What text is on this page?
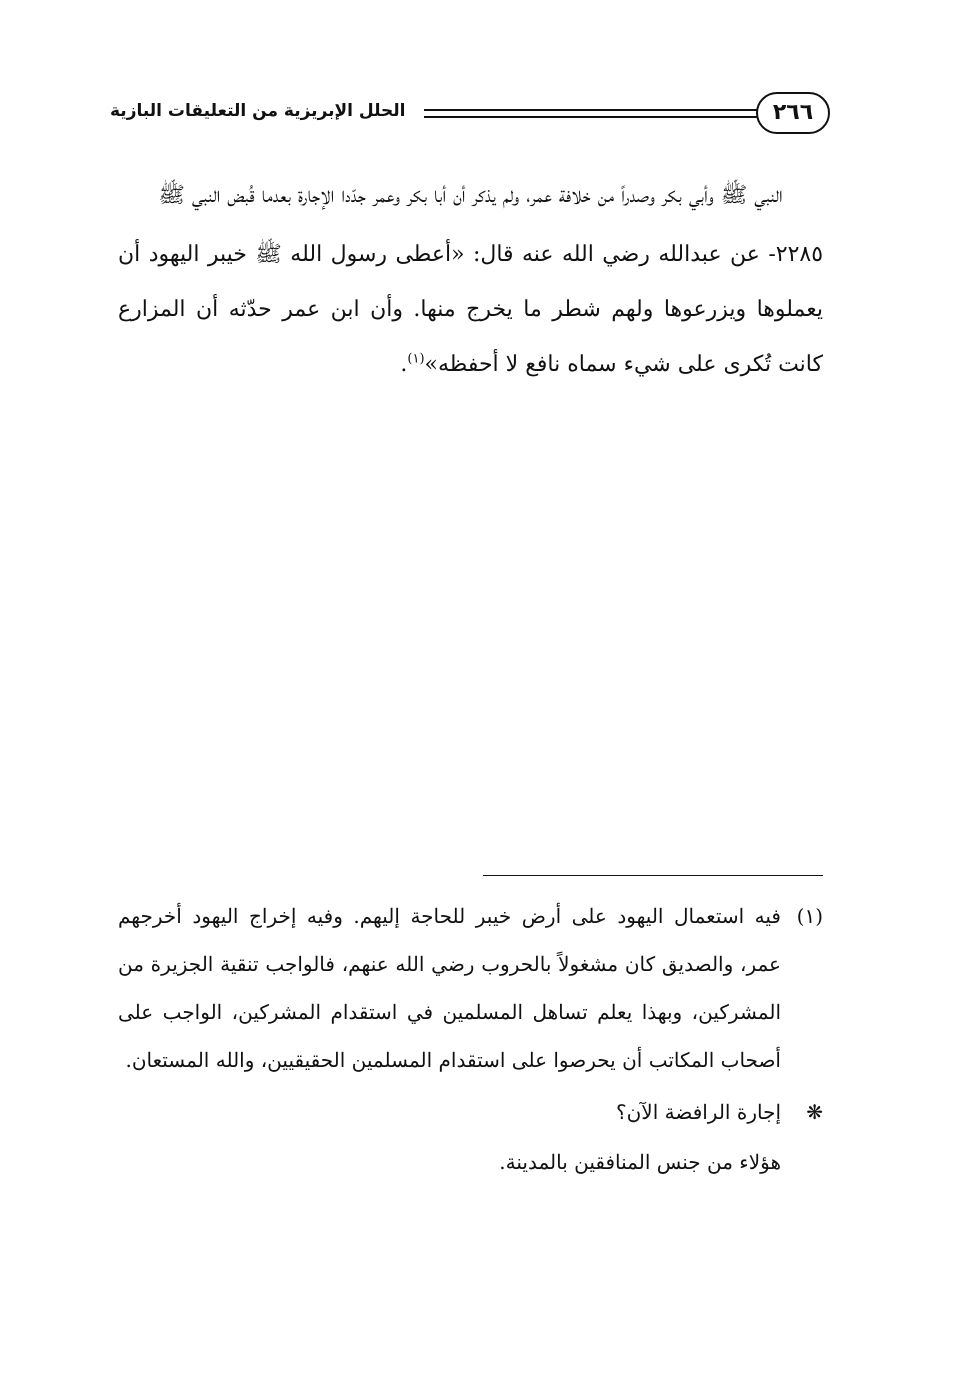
٢٦٦
الحلل الإبريزية من التعليقات البازية

النبي ﷺ وأبي بكر وصدراً من خلافة عمر، ولم يذكر أن أبا بكر وعمر جدّدا الإجارة بعدما قُبض النبي ﷺ

٢٢٨٥- عن عبدالله رضي الله عنه قال: «أعطى رسول الله ﷺ خيبر اليهود أن يعملوها ويزرعوها ولهم شطر ما يخرج منها. وأن ابن عمر حدّثه أن المزارع كانت تُكرى على شيء سماه نافع لا أحفظه»$^{(١)}$.

(١)
فيه استعمال اليهود على أرض خيبر للحاجة إليهم. وفيه إخراج اليهود أخرجهم عمر، والصديق كان مشغولاً بالحروب رضي الله عنهم، فالواجب تنقية الجزيرة من المشركين، وبهذا يعلم تساهل المسلمين في استقدام المشركين، الواجب على أصحاب المكاتب أن يحرصوا على استقدام المسلمين الحقيقيين، والله المستعان.
❋
إجارة الرافضة الآن؟
هؤلاء من جنس المنافقين بالمدينة.
